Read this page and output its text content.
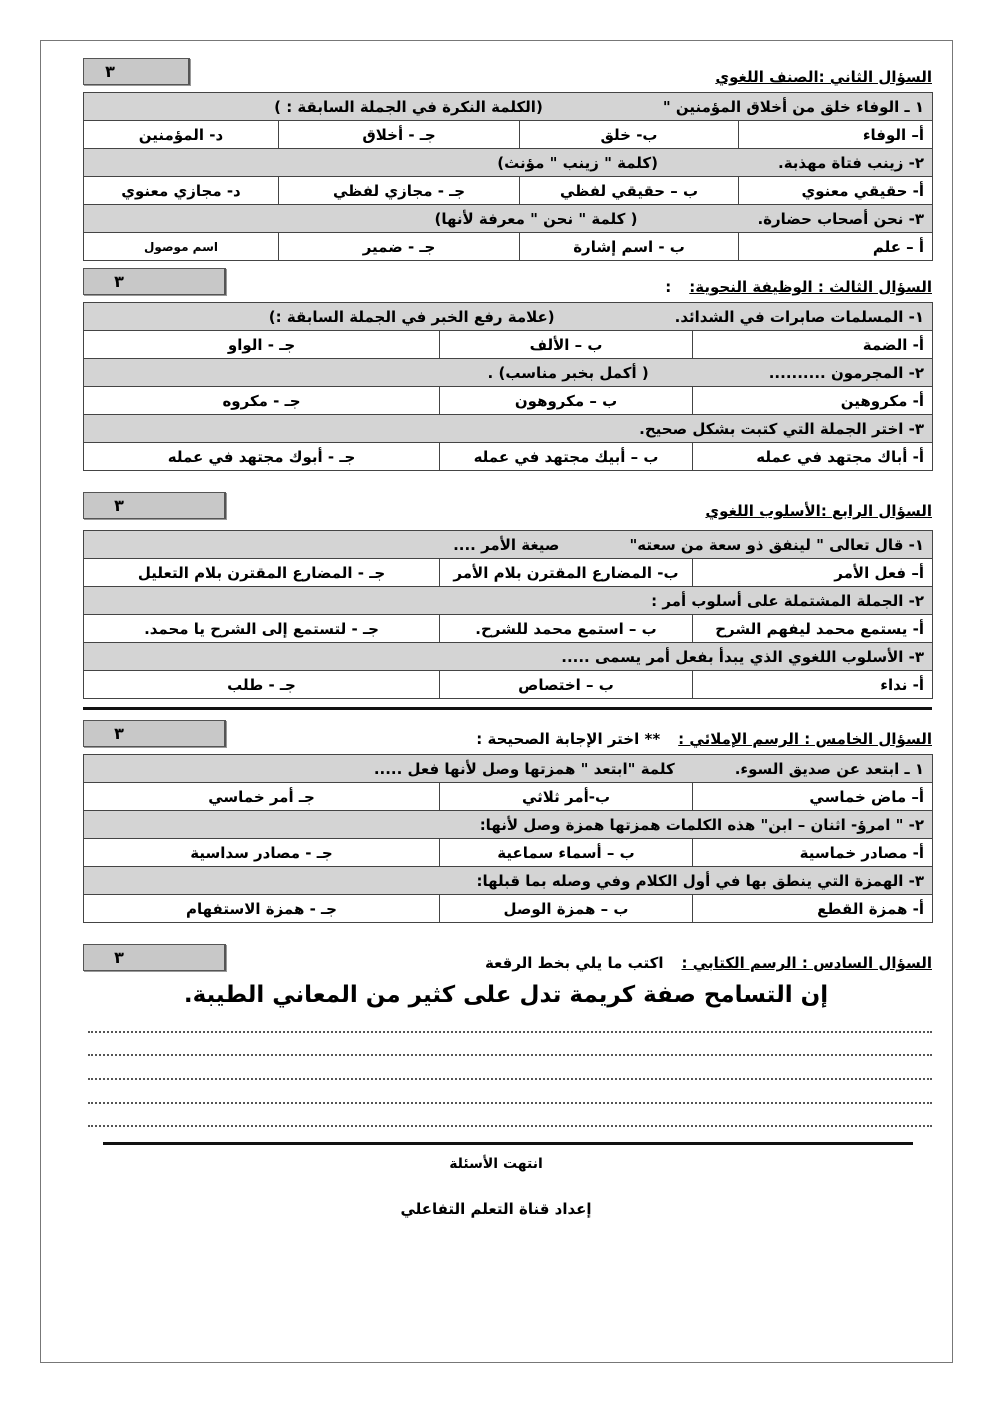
السؤال الثاني :الصنف اللغوي
٣
١ ـ الوفاء خلق من أخلاق المؤمنين "(الكلمة النكرة في الجملة السابقة : )			
أ– الوفاء	ب- خلق	جـ - أخلاق	د- المؤمنين
٢- زينب فتاة مهذبة.(كلمة " زينب " مؤنث)			
أ- حقيقي معنوي	ب – حقيقي لفظي	جـ - مجازي لفظي	د- مجازي معنوي
٣- نحن أصحاب حضارة.( كلمة " نحن " معرفة لأنها)			
أ – علم	ب - اسم إشارة	جـ - ضمير	اسم موصول
السؤال الثالث : الوظيفة النحوية::
٣
١- المسلمات صابرات في الشدائد.(علامة رفع الخبر في الجملة السابقة :)		
أ- الضمة	ب – الألف	جـ - الواو
٢- المجرمون ..........( أكمل بخبر مناسب) .		
أ- مكروهين	ب – مكروهون	جـ - مكروه
٣- اختر الجملة التي كتبت بشكل صحيح.		
أ- أباك مجتهد في عمله	ب – أبيك مجتهد في عمله	جـ - أبوك مجتهد في عمله
السؤال الرابع :الأسلوب اللغوي
٣
١- قال تعالى " لينفق ذو سعة من سعته"صيغة الأمر ....		
أ– فعل الأمر	ب- المضارع المقترن بلام الأمر	جـ - المضارع المقترن بلام التعليل
٢- الجملة المشتملة على أسلوب أمر :		
أ- يستمع محمد ليفهم الشرح	ب – استمع محمد للشرح.	جـ - لتستمع إلى الشرح يا محمد.
٣- الأسلوب اللغوي الذي يبدأ بفعل أمر يسمى .....		
أ- نداء	ب – اختصاص	جـ - طلب
السؤال الخامس : الرسم الإملائي :** اختر الإجابة الصحيحة :
٣
١ ـ ابتعد عن صديق السوء.كلمة "ابتعد " همزتها وصل لأنها فعل .....		
أ– ماض خماسي	ب-أمر ثلاثي	جـ أمر خماسي
٢- " امرؤ- اثنان – ابن" هذه الكلمات همزتها همزة وصل لأنها:		
أ- مصادر خماسية	ب – أسماء سماعية	جـ - مصادر سداسية
٣- الهمزة التي ينطق بها في أول الكلام وفي وصله بما قبلها:		
أ- همزة القطع	ب – همزة الوصل	جـ - همزة الاستفهام
السؤال السادس : الرسم الكتابي :اكتب ما يلي بخط الرقعة
٣
إن التسامح صفة كريمة تدل على كثير من المعاني الطيبة.
انتهت الأسئلة
إعداد قناة التعلم التفاعلي
